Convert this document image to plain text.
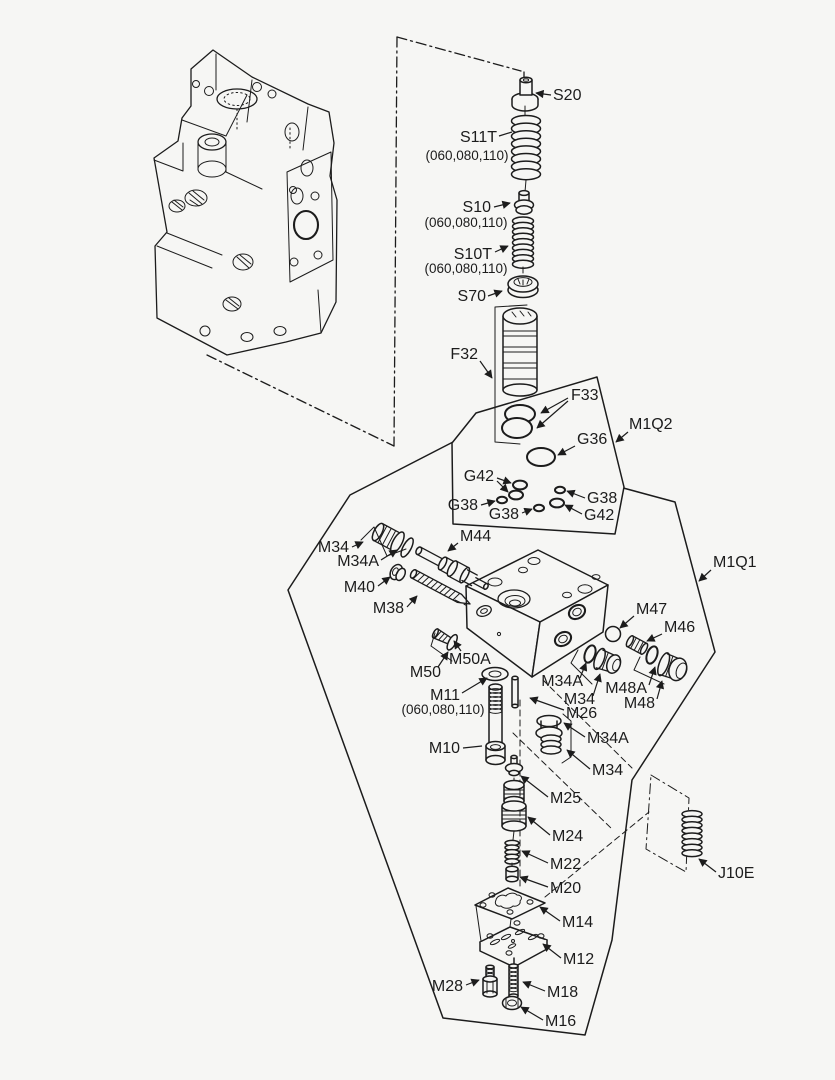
S20
S11T
(060,080,110)
S10
(060,080,110)
S10T
(060,080,110)
S70
F32
F33
M1Q2
G36
G42
G38
G38
G38
G42
M34
M34A
M44
M40
M38
M1Q1
M47
M46
M50A
M50
M34A
M34
M48A
M48
M26
M11
(060,080,110)
M10
M34A
M34
M25
M24
M22
M20
M14
M12
M28	M18
M16
J10E
